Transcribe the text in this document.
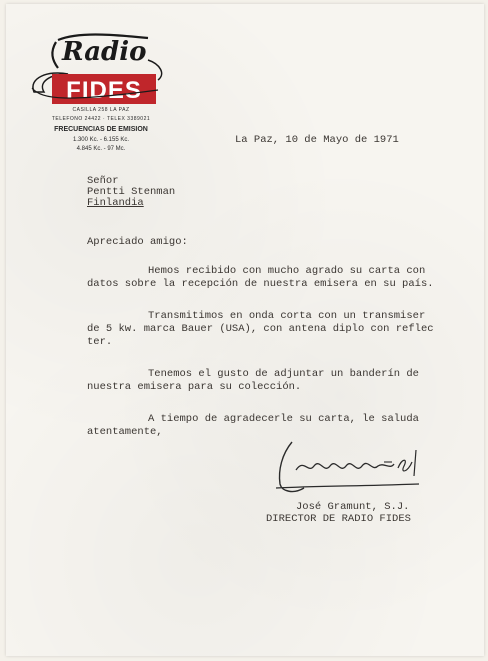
Radio
FIDES
CASILLA 258 LA PAZ
TELEFONO 24422 · TELEX 3389021
FRECUENCIAS DE EMISION
1.300 Kc. - 6.155 Kc.
4.845 Kc. - 97 Mc.
La Paz, 10 de Mayo de 1971
Señor
Pentti Stenman
Finlandia
Apreciado amigo:
Hemos recibido con mucho agrado su carta con
datos sobre la recepción de nuestra emisera en su país.
Transmitimos en onda corta con un transmiser
de 5 kw. marca Bauer (USA), con antena diplo con reflec
ter.
Tenemos el gusto de adjuntar un banderín de
nuestra emisera para su colección.
A tiempo de agradecerle su carta, le saluda
atentamente,
José Gramunt, S.J.
DIRECTOR DE RADIO FIDES
